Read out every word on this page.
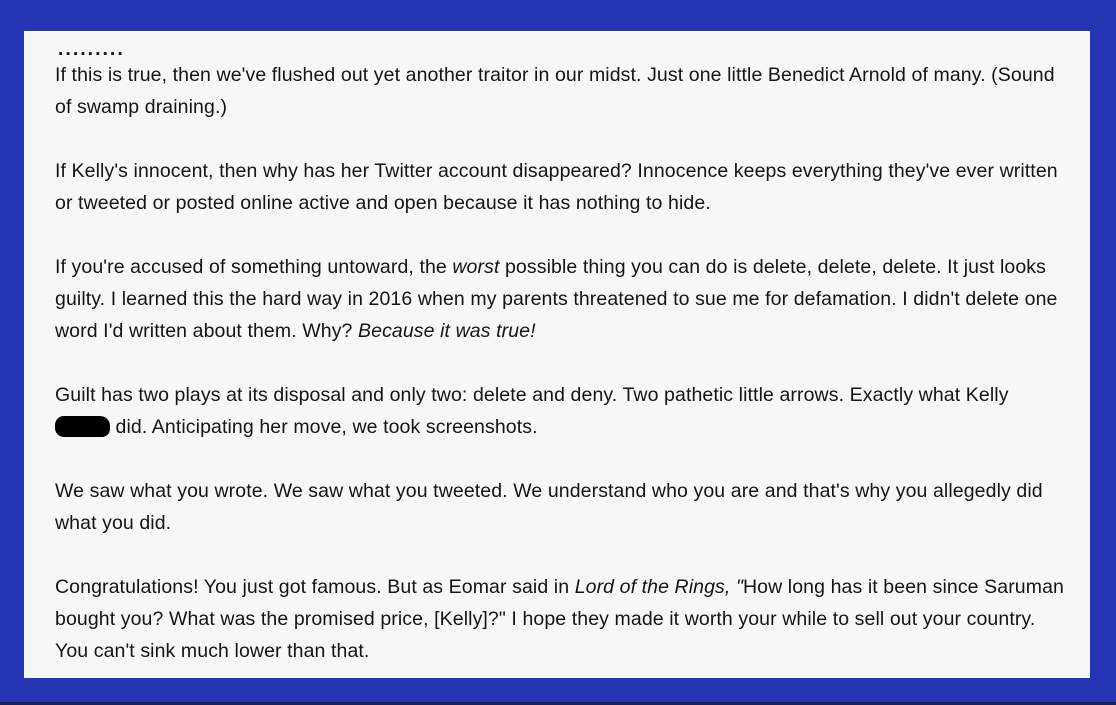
.........

If this is true, then we've flushed out yet another traitor in our midst. Just one little Benedict Arnold of many. (Sound of swamp draining.)

If Kelly's innocent, then why has her Twitter account disappeared? Innocence keeps everything they've ever written or tweeted or posted online active and open because it has nothing to hide.

If you're accused of something untoward, the worst possible thing you can do is delete, delete, delete. It just looks guilty. I learned this the hard way in 2016 when my parents threatened to sue me for defamation. I didn't delete one word I'd written about them. Why? Because it was true!

Guilt has two plays at its disposal and only two: delete and deny. Two pathetic little arrows. Exactly what Kelly  did. Anticipating her move, we took screenshots.

We saw what you wrote. We saw what you tweeted. We understand who you are and that's why you allegedly did what you did.

Congratulations! You just got famous. But as Eomar said in Lord of the Rings, "How long has it been since Saruman bought you? What was the promised price, [Kelly]?" I hope they made it worth your while to sell out your country. You can't sink much lower than that.
